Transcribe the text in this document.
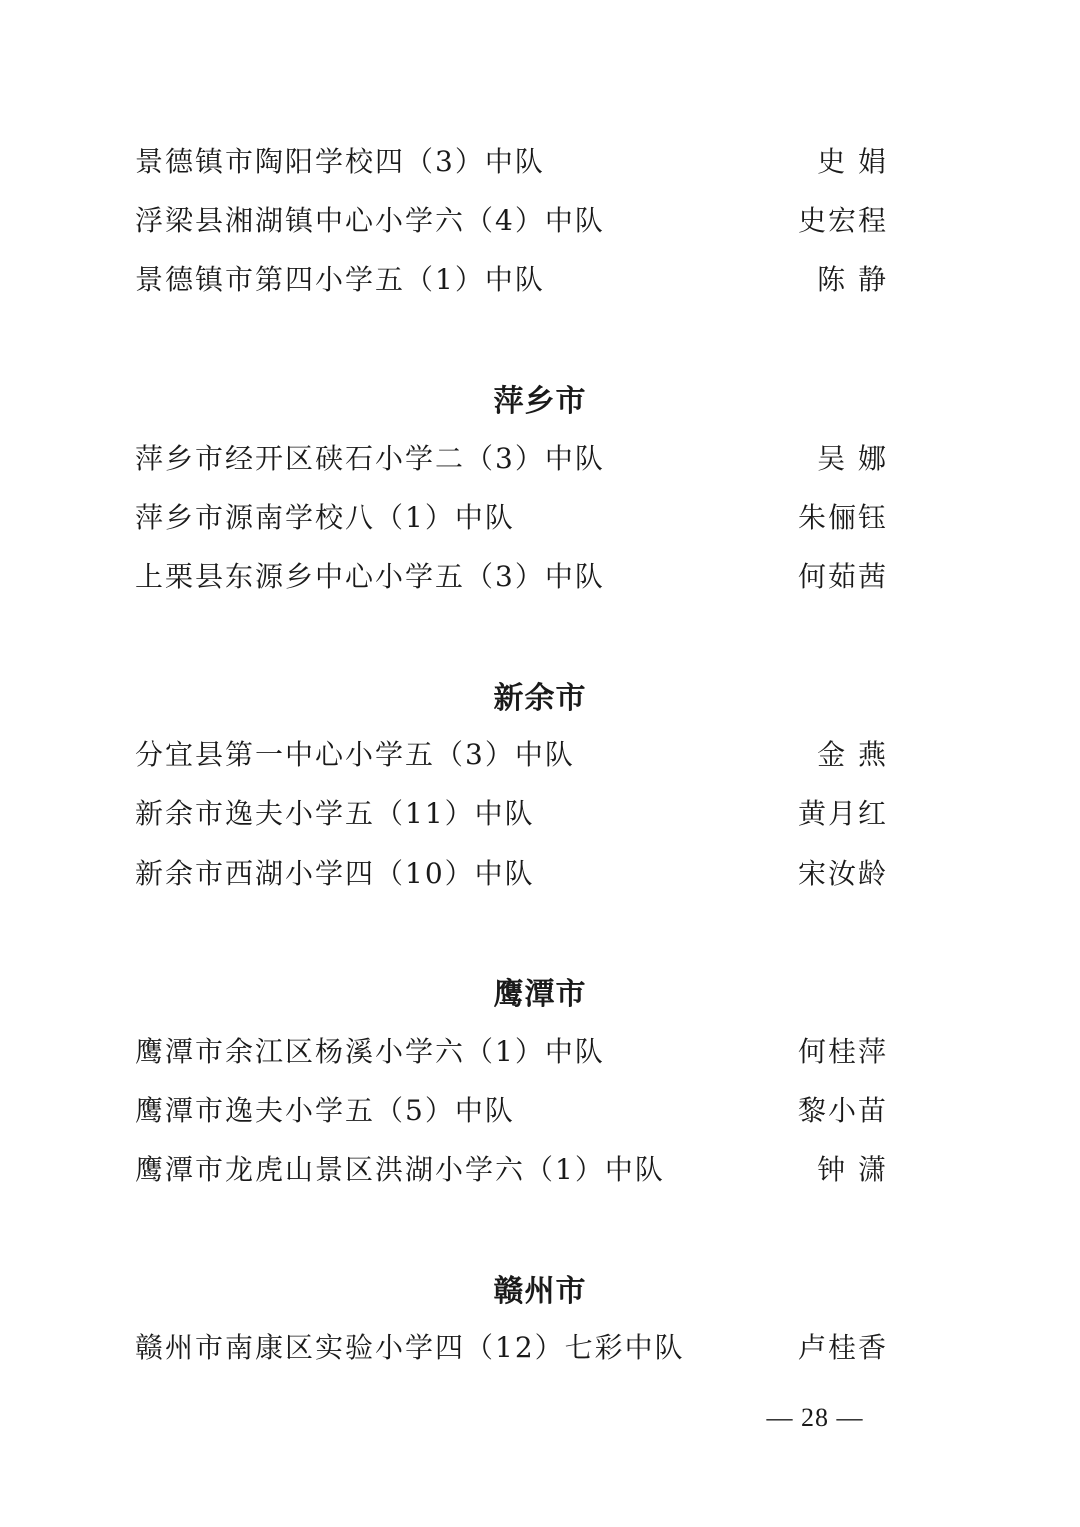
景德镇市陶阳学校四（3）中队	史 娟
浮梁县湘湖镇中心小学六（4）中队	史宏程
景德镇市第四小学五（1）中队	陈 静
萍乡市
萍乡市经开区硖石小学二（3）中队	吴 娜
萍乡市源南学校八（1）中队	朱俪钰
上栗县东源乡中心小学五（3）中队	何茹茜
新余市
分宜县第一中心小学五（3）中队	金 燕
新余市逸夫小学五（11）中队	黄月红
新余市西湖小学四（10）中队	宋汝龄
鹰潭市
鹰潭市余江区杨溪小学六（1）中队	何桂萍
鹰潭市逸夫小学五（5）中队	黎小苗
鹰潭市龙虎山景区洪湖小学六（1）中队	钟 潇
赣州市
赣州市南康区实验小学四（12）七彩中队	卢桂香
— 28 —
